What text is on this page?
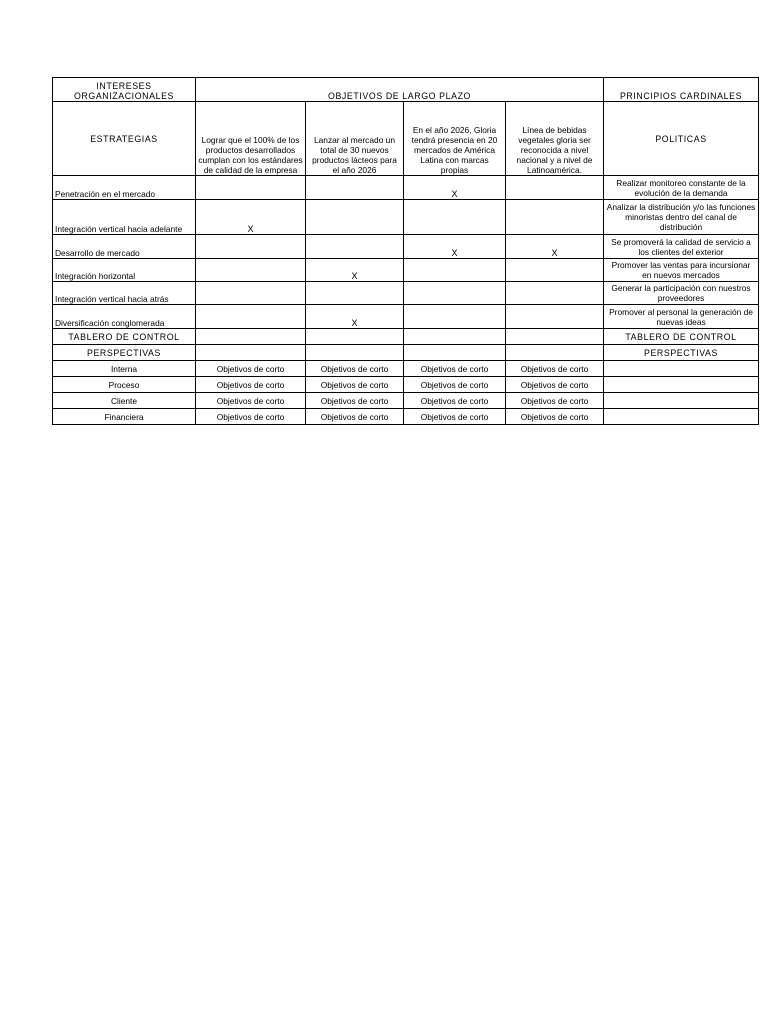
INTERESES ORGANIZACIONALES	OBJETIVOS DE LARGO PLAZO				PRINCIPIOS CARDINALES
ESTRATEGIAS	Lograr que el 100% de los productos desarrollados cumplan con los estándares de calidad de la empresa	Lanzar al mercado un total de 30 nuevos productos lácteos para el año 2026	En el año 2026, Gloria tendrá presencia en 20 mercados de América Latina con marcas propias	Línea de bebidas vegetales gloria ser reconocida a nivel nacional y a nivel de Latinoamérica.	POLITICAS
Penetración en el mercado			X		Realizar monitoreo constante de la evolución de la demanda
Integración vertical hacia adelante	X				Analizar la distribución y/o las funciones minoristas dentro del canal de distribución
Desarrollo de mercado			X	X	Se promoverá la calidad de servicio a los clientes del exterior
Integración horizontal		X			Promover las ventas para incursionar en nuevos mercados
Integración vertical hacia atrás					Generar la participación con nuestros proveedores
Diversificación conglomerada		X			Promover al personal la generación de nuevas ideas
TABLERO DE CONTROL					TABLERO DE CONTROL
PERSPECTIVAS					PERSPECTIVAS
Interna	Objetivos de corto	Objetivos de corto	Objetivos de corto	Objetivos de corto	
Proceso	Objetivos de corto	Objetivos de corto	Objetivos de corto	Objetivos de corto	
Cliente	Objetivos de corto	Objetivos de corto	Objetivos de corto	Objetivos de corto	
Financiera	Objetivos de corto	Objetivos de corto	Objetivos de corto	Objetivos de corto	
